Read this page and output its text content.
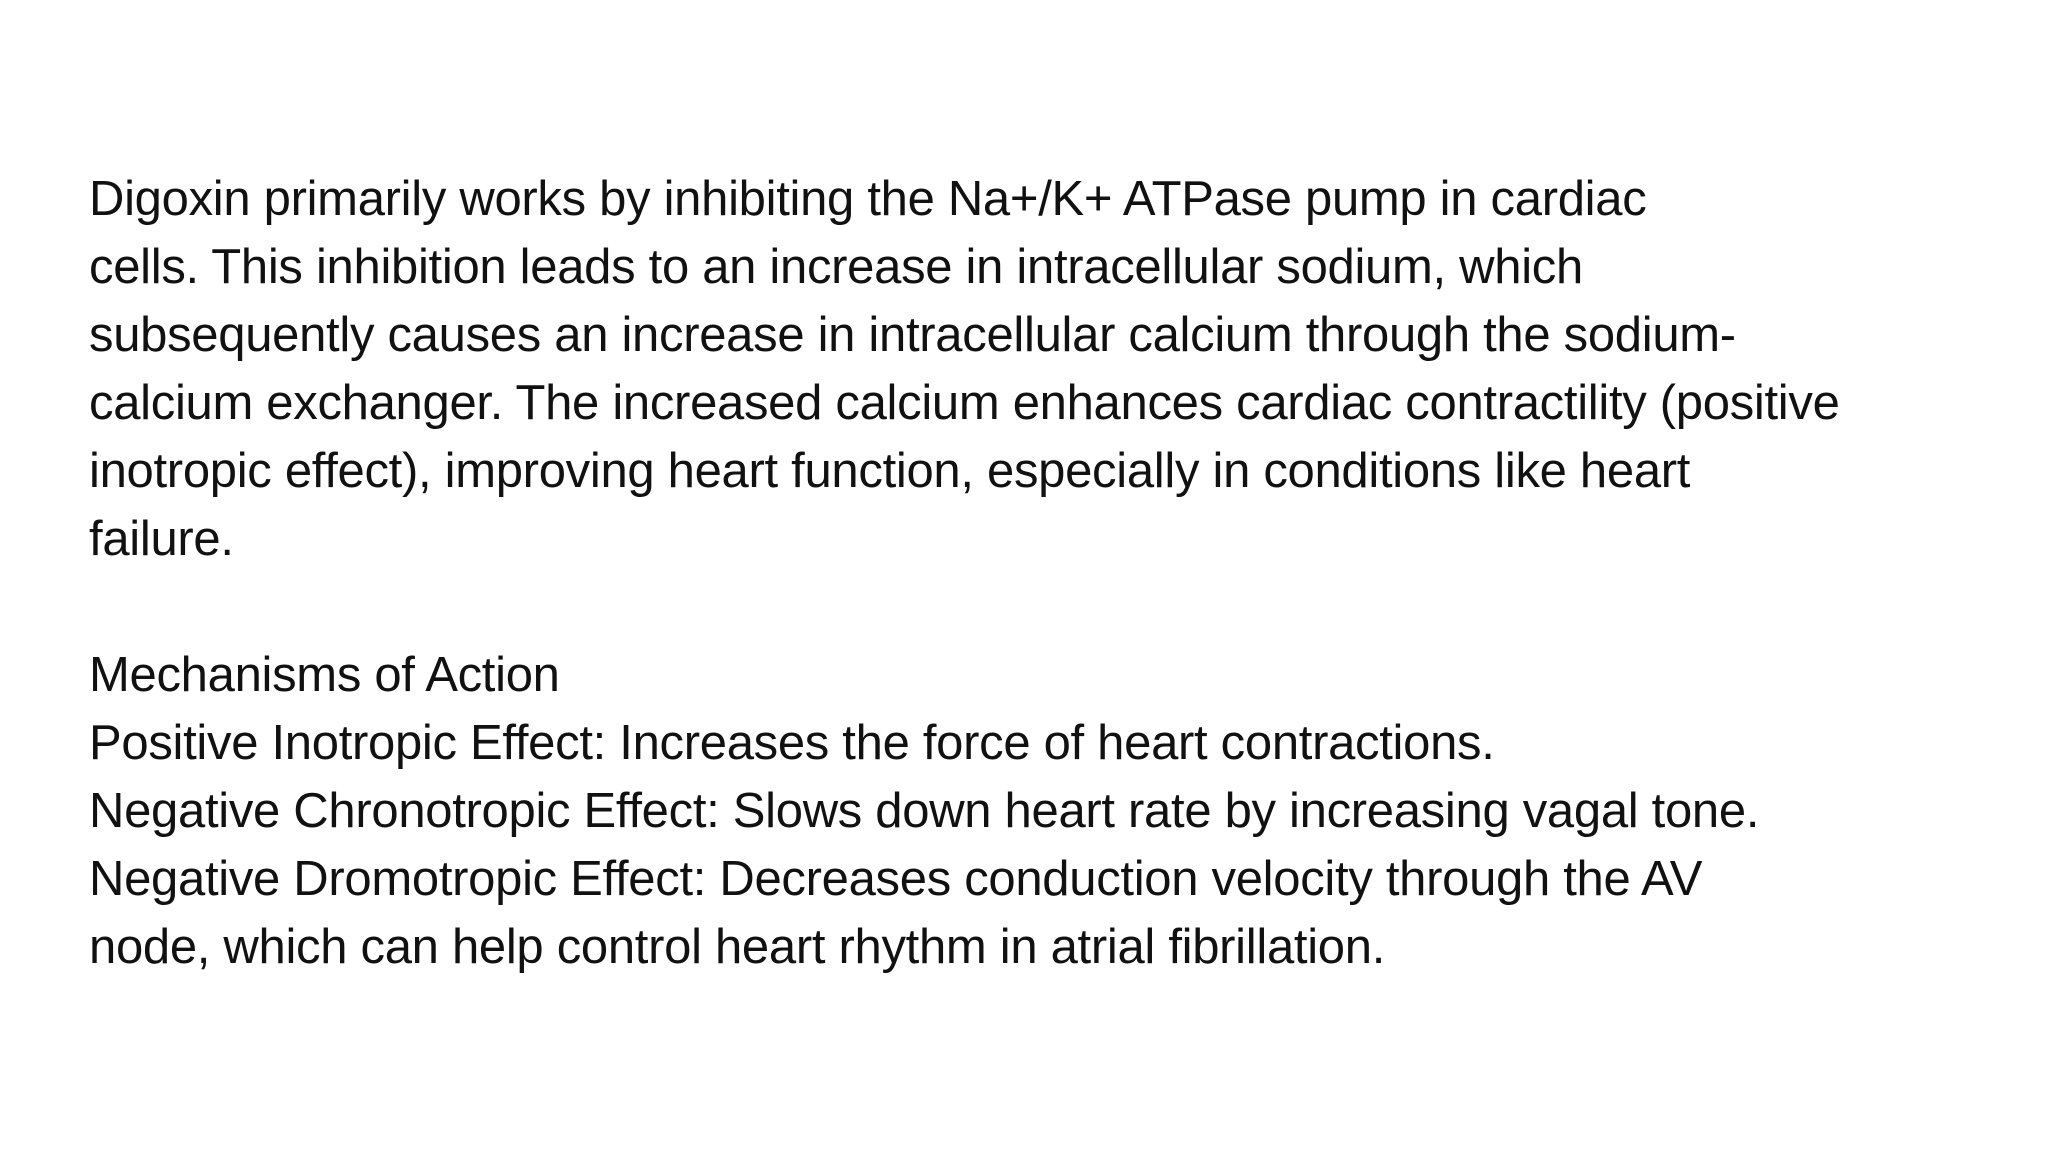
Digoxin primarily works by inhibiting the Na+/K+ ATPase pump in cardiac
cells. This inhibition leads to an increase in intracellular sodium, which
subsequently causes an increase in intracellular calcium through the sodium-
calcium exchanger. The increased calcium enhances cardiac contractility (positive
inotropic effect), improving heart function, especially in conditions like heart
failure.
Mechanisms of Action
Positive Inotropic Effect: Increases the force of heart contractions.
Negative Chronotropic Effect: Slows down heart rate by increasing vagal tone.
Negative Dromotropic Effect: Decreases conduction velocity through the AV
node, which can help control heart rhythm in atrial fibrillation.
